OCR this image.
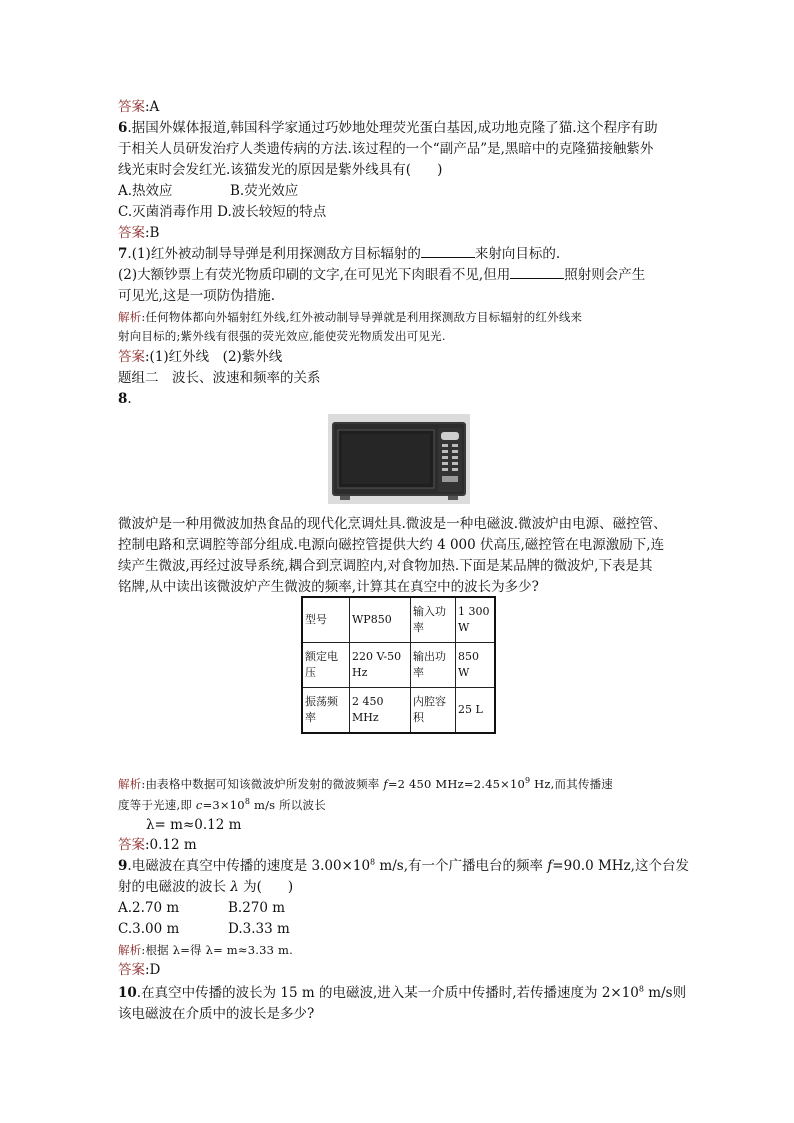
答案:A
6.据国外媒体报道,韩国科学家通过巧妙地处理荧光蛋白基因,成功地克隆了猫.这个程序有助
于相关人员研发治疗人类遗传病的方法.该过程的一个“副产品”是,黑暗中的克隆猫接触紫外
线光束时会发红光.该猫发光的原因是紫外线具有( )
A.热效应	B.荧光效应
C.灭菌消毒作用 D.波长较短的特点
答案:B
7.(1)红外被动制导导弹是利用探测敌方目标辐射的	来射向目标的.
(2)大额钞票上有荧光物质印刷的文字,在可见光下肉眼看不见,但用	照射则会产生
可见光,这是一项防伪措施.
解析:任何物体都向外辐射红外线,红外被动制导导弹就是利用探测敌方目标辐射的红外线来
射向目标的;紫外线有很强的荧光效应,能使荧光物质发出可见光.
答案:(1)红外线　(2)紫外线
题组二　波长、波速和频率的关系
8.
微波炉是一种用微波加热食品的现代化烹调灶具.微波是一种电磁波.微波炉由电源、磁控管、
控制电路和烹调腔等部分组成.电源向磁控管提供大约 4 000 伏高压,磁控管在电源激励下,连
续产生微波,再经过波导系统,耦合到烹调腔内,对食物加热.下面是某品牌的微波炉,下表是其
铭牌,从中读出该微波炉产生微波的频率,计算其在真空中的波长为多少?
型号	WP850	输入功率	1 300 W
额定电压	220 V-50 Hz	输出功率	850 W
振荡频率	2 450 MHz	内腔容积	25 L
解析:由表格中数据可知该微波炉所发射的微波频率 f=2 450 $MHz=2.45\times 10^9$ Hz,而其传播速
度等于光速,即 $c=3\times 10^8$ m/s 所以波长
λ= m≈0.12 m
答案:0.12 m
9.电磁波在真空中传播的速度是 $3.00\times 10^8$ m/s,有一个广播电台的频率 f=90.0 MHz,这个台发
射的电磁波的波长 λ 为( )
A.2.70 m	B.270 m
C.3.00 m	D.3.33 m
解析:根据 λ=得 λ= m≈3.33 m.
答案:D
10.在真空中传播的波长为 15 m 的电磁波,进入某一介质中传播时,若传播速度为 $2\times 10^8$ m/s则
该电磁波在介质中的波长是多少?
